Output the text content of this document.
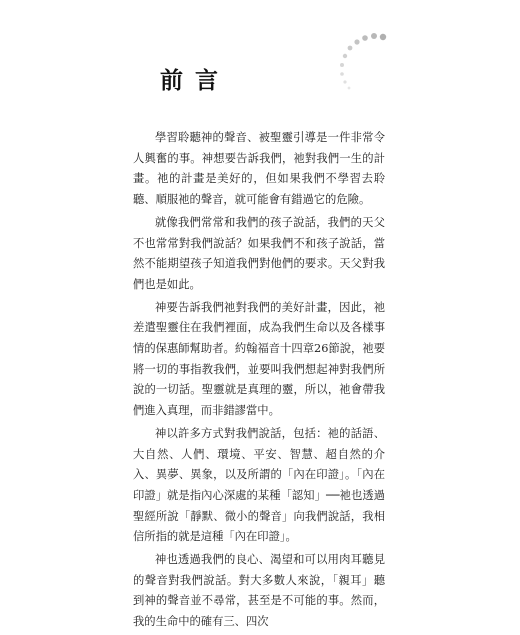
前言

學習聆聽神的聲音、被聖靈引導是一件非常令人興奮的事。神想要告訴我們，祂對我們一生的計畫。祂的計畫是美好的，但如果我們不學習去聆聽、順服祂的聲音，就可能會有錯過它的危險。

就像我們常常和我們的孩子說話，我們的天父不也常常對我們說話？如果我們不和孩子說話，當然不能期望孩子知道我們對他們的要求。天父對我們也是如此。

神要告訴我們祂對我們的美好計畫，因此，祂差遣聖靈住在我們裡面，成為我們生命以及各樣事情的保惠師幫助者。約翰福音十四章26節說，祂要將一切的事指教我們，並要叫我們想起神對我們所說的一切話。聖靈就是真理的靈，所以，祂會帶我們進入真理，而非錯謬當中。

神以許多方式對我們說話，包括：祂的話語、大自然、人們、環境、平安、智慧、超自然的介入、異夢、異象，以及所謂的「內在印證」。「內在印證」就是指內心深處的某種「認知」──祂也透過聖經所說「靜默、微小的聲音」向我們說話，我相信所指的就是這種「內在印證」。

神也透過我們的良心、渴望和可以用肉耳聽見的聲音對我們說話。對大多數人來說，「親耳」聽到神的聲音並不尋常，甚至是不可能的事。然而，我的生命中的確有三、四次
